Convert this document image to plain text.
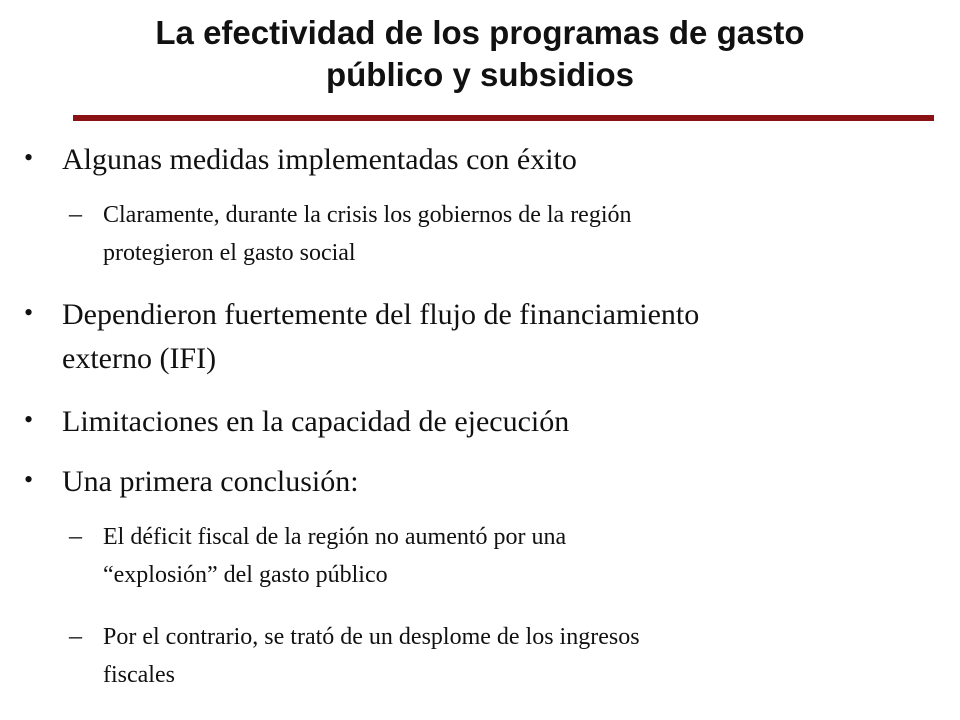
La efectividad de los programas de gasto
público y subsidios
• Algunas medidas implementadas con éxito
– Claramente, durante la crisis los gobiernos de la región
protegieron el gasto social
• Dependieron fuertemente del flujo de financiamiento
externo (IFI)
• Limitaciones en la capacidad de ejecución
• Una primera conclusión:
– El déficit fiscal de la región no aumentó por una
“explosión” del gasto público
– Por el contrario, se trató de un desplome de los ingresos
fiscales
